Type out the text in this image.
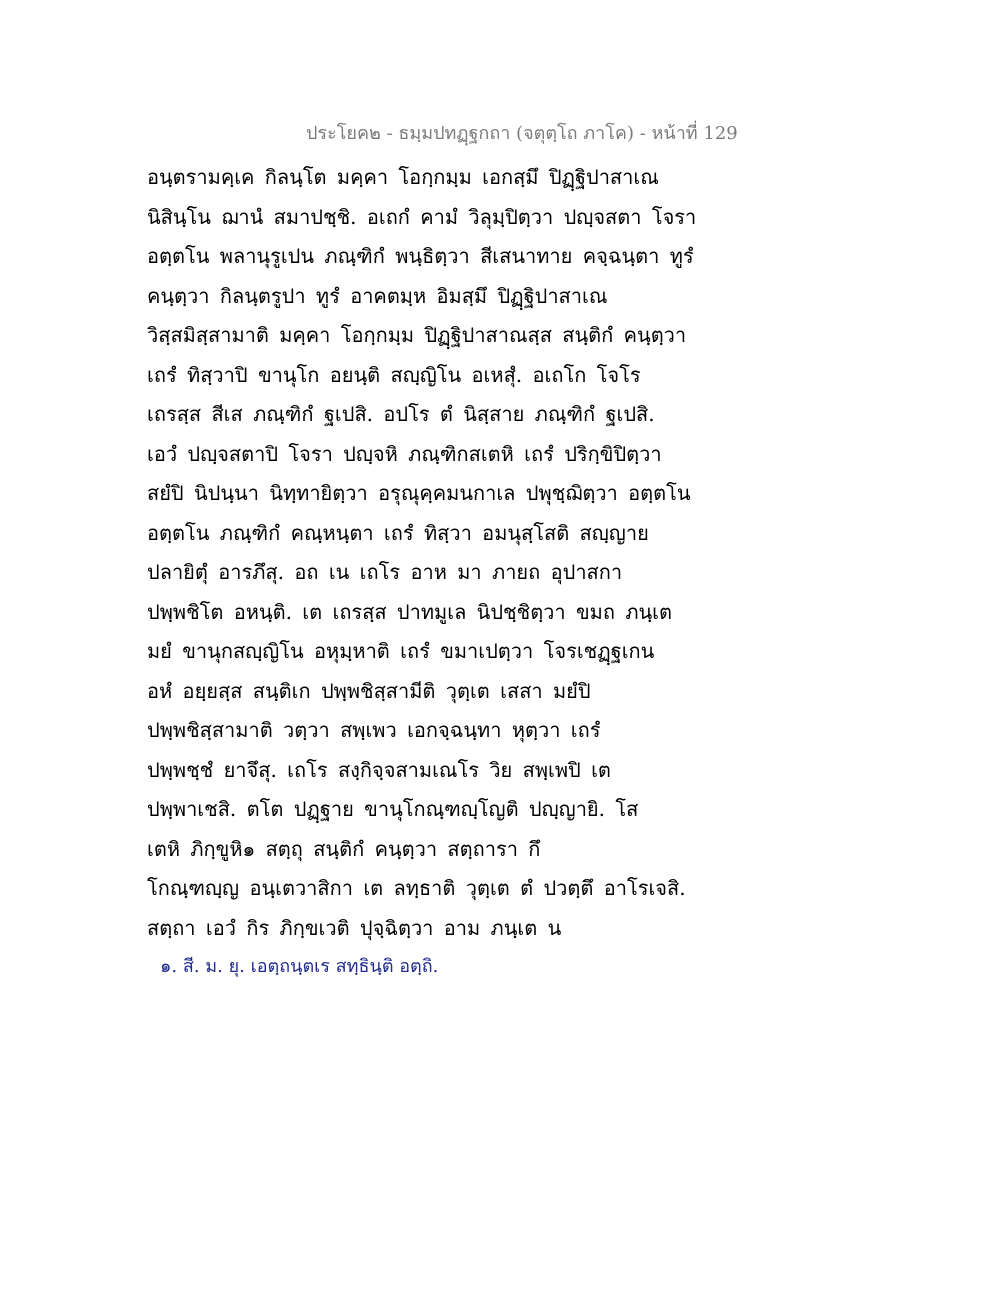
ประโยค๒ - ธมฺมปทฏฺฐกถา (จตุตฺโถ ภาโค) - หน้าที่ 129
อนฺตรามคฺเค กิลนฺโต มคฺคา โอกฺกมฺม เอกสฺมึ ปิฏฺฐิปาสาเณ
นิสินฺโน ฌานํ สมาปชฺชิ. อเถกํ คามํ วิลุมฺปิตฺวา ปญฺจสตา โจรา
อตฺตโน พลานุรูเปน ภณฺฑิกํ พนฺธิตฺวา สีเสนาทาย คจฺฉนฺตา ทูรํ
คนฺตฺวา กิลนฺตรูปา ทูรํ อาคตมฺห อิมสฺมึ ปิฏฺฐิปาสาเณ
วิสฺสมิสฺสามาติ มคฺคา โอกฺกมฺม ปิฏฺฐิปาสาณสฺส สนฺติกํ คนฺตฺวา
เถรํ ทิสฺวาปิ ขานุโก อยนฺติ สญฺญิโน อเหสุํ. อเถโก โจโร
เถรสฺส สีเส ภณฺฑิกํ ฐเปสิ. อปโร ตํ นิสฺสาย ภณฺฑิกํ ฐเปสิ.
เอวํ ปญฺจสตาปิ โจรา ปญฺจหิ ภณฺฑิกสเตหิ เถรํ ปริกฺขิปิตฺวา
สยํปิ นิปนฺนา นิทฺทายิตฺวา อรุณุคฺคมนกาเล ปพุชฺฌิตฺวา อตฺตโน
อตฺตโน ภณฺฑิกํ คณฺหนฺตา เถรํ ทิสฺวา อมนุสฺโสติ สญฺญาย
ปลายิตุํ อารภึสุ. อถ เน เถโร อาห มา ภายถ อุปาสกา
ปพฺพชิโต อหนฺติ. เต เถรสฺส ปาทมูเล นิปชฺชิตฺวา ขมถ ภนฺเต
มยํ ขานุกสญฺญิโน อหุมฺหาติ เถรํ ขมาเปตฺวา โจรเชฏฺฐเกน
อหํ อยฺยสฺส สนฺติเก ปพฺพชิสฺสามีติ วุตฺเต เสสา มยํปิ
ปพฺพชิสฺสามาติ วตฺวา สพฺเพว เอกจฺฉนฺทา หุตฺวา เถรํ
ปพฺพชฺชํ ยาจึสุ. เถโร สงฺกิจฺจสามเณโร วิย สพฺเพปิ เต
ปพฺพาเชสิ. ตโต ปฏฺฐาย ขานุโกณฺฑญฺโญติ ปญฺญายิ. โส
เตหิ ภิกฺขูหิ๑ สตฺถุ สนฺติกํ คนฺตฺวา สตฺถารา กึ
โกณฺฑญฺญ อนฺเตวาสิกา เต ลทฺธาติ วุตฺเต ตํ ปวตฺตึ อาโรเจสิ.
สตฺถา เอวํ กิร ภิกฺขเวติ ปุจฺฉิตฺวา อาม ภนฺเต น
๑. สี. ม. ยุ. เอตฺถนฺตเร สทฺธินฺติ อตฺถิ.
